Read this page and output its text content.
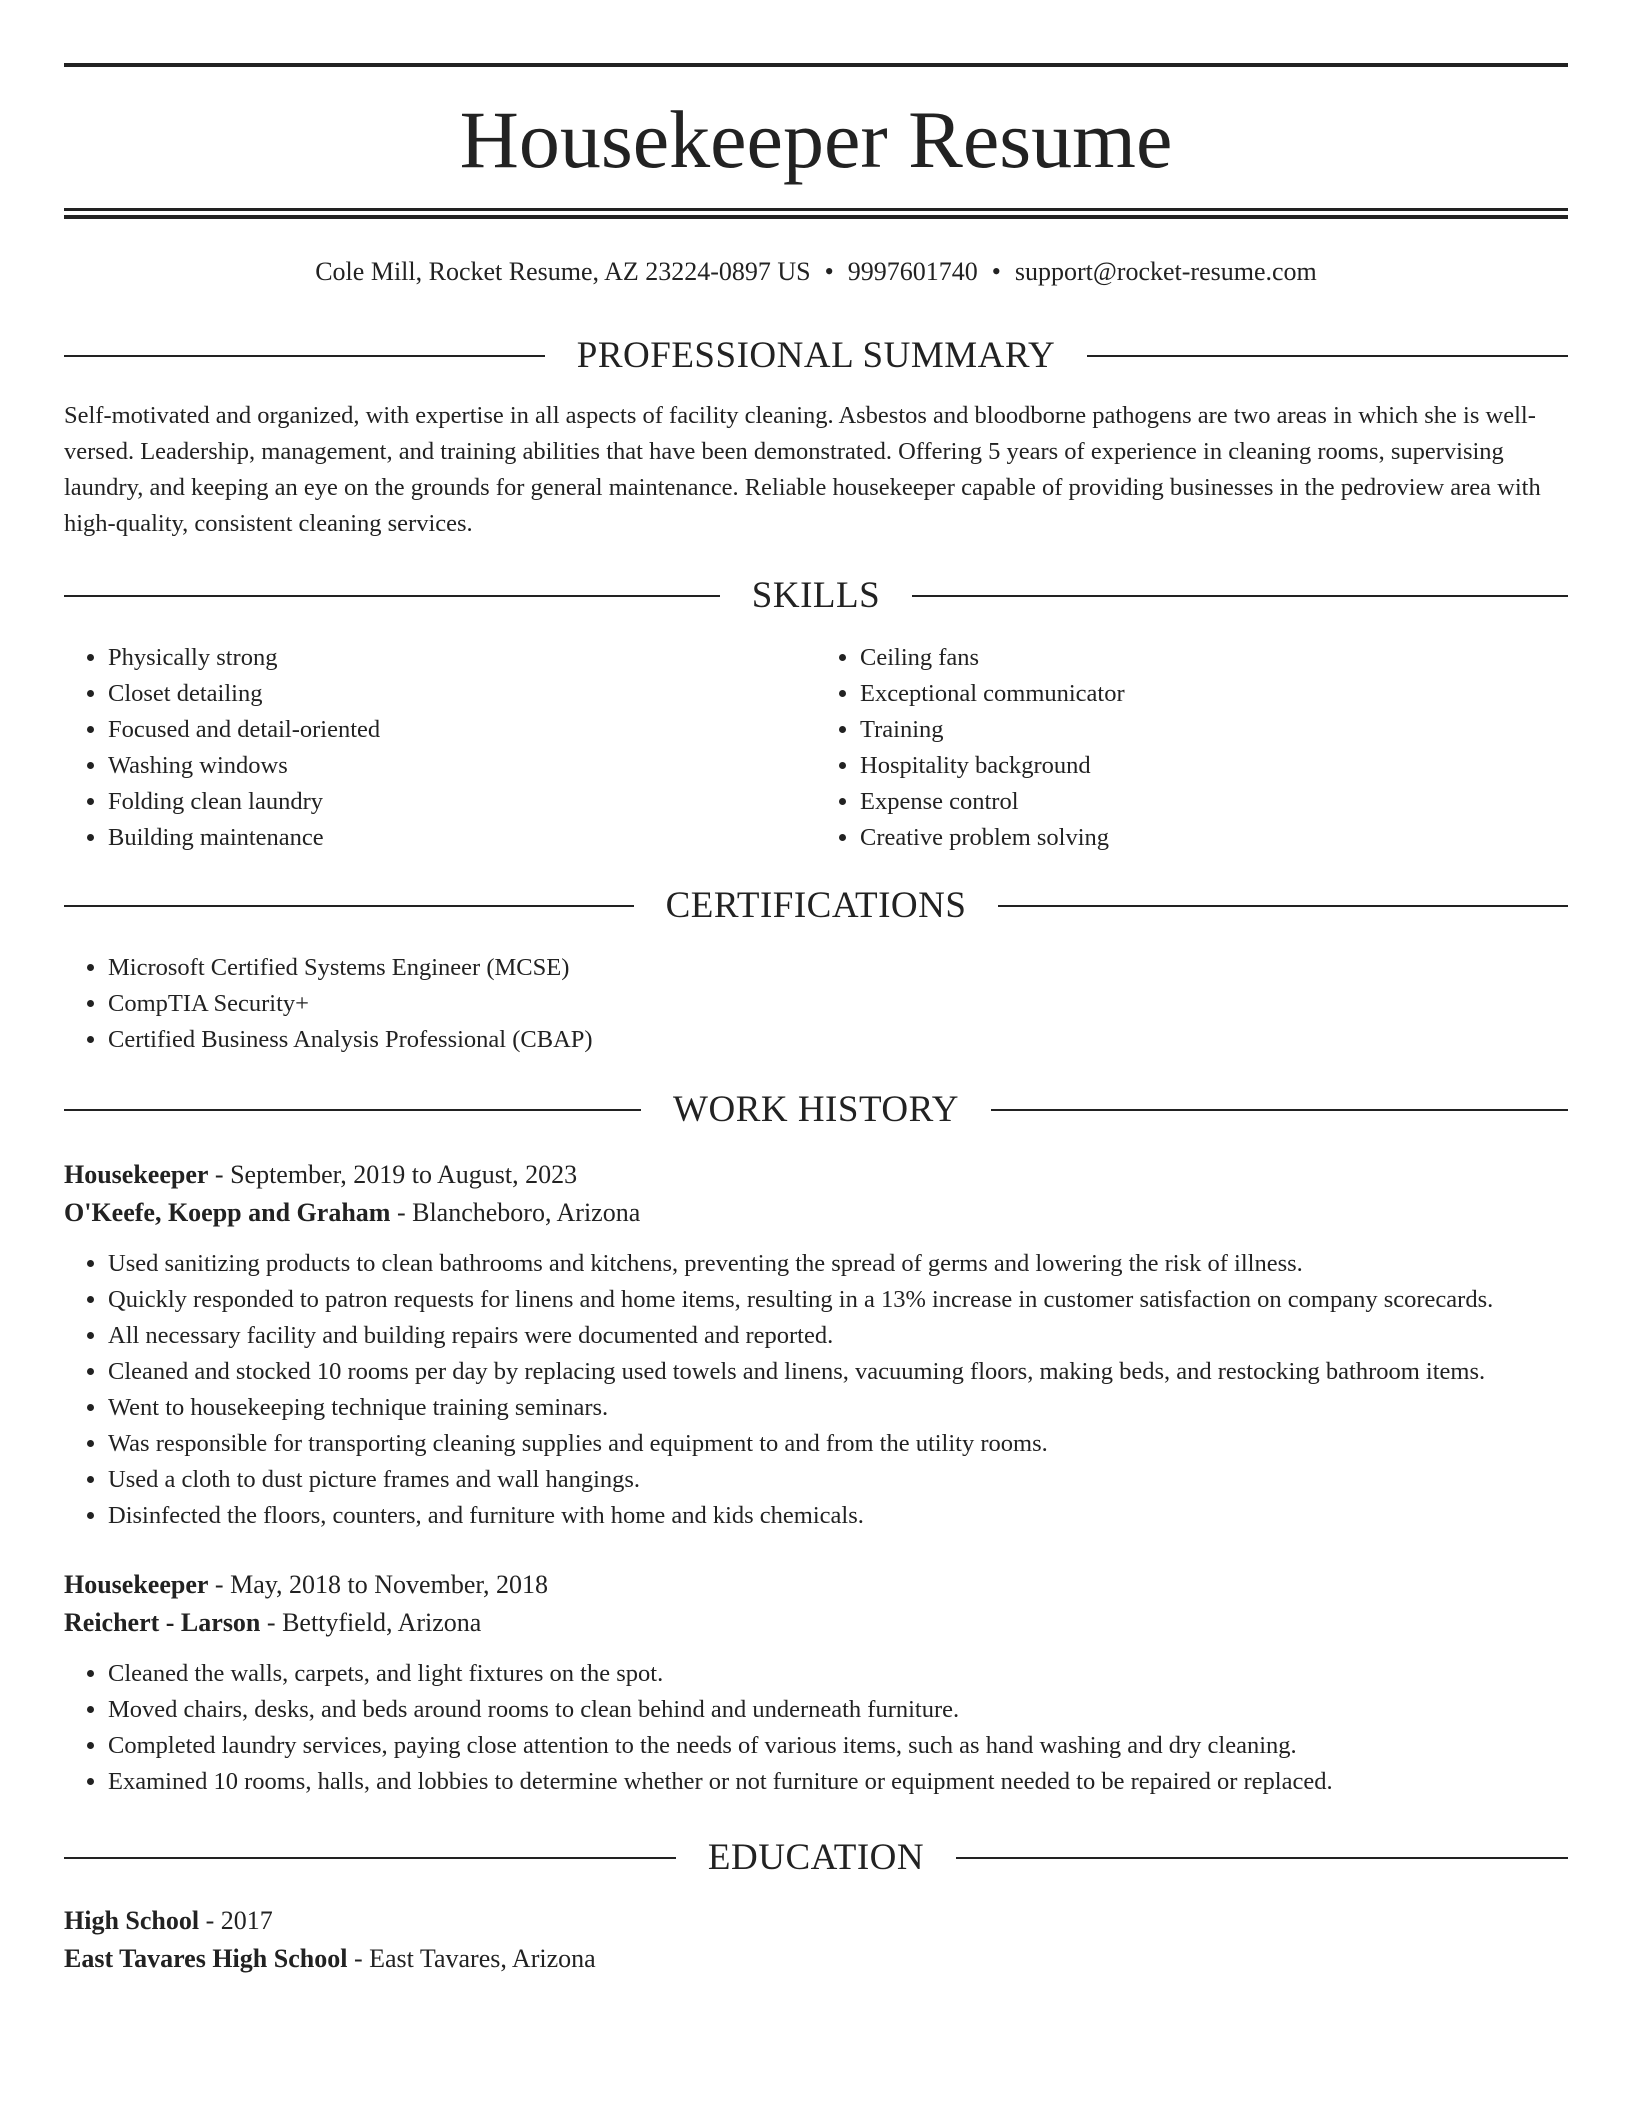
Housekeeper Resume
Cole Mill, Rocket Resume, AZ 23224-0897 US • 9997601740 • support@rocket-resume.com
PROFESSIONAL SUMMARY

Self-motivated and organized, with expertise in all aspects of facility cleaning. Asbestos and bloodborne pathogens are two areas in which she is well-versed. Leadership, management, and training abilities that have been demonstrated. Offering 5 years of experience in cleaning rooms, supervising laundry, and keeping an eye on the grounds for general maintenance. Reliable housekeeper capable of providing businesses in the pedroview area with high-quality, consistent cleaning services.

SKILLS
• Physically strong
• Closet detailing
• Focused and detail-oriented
• Washing windows
• Folding clean laundry
• Building maintenance
• Ceiling fans
• Exceptional communicator
• Training
• Hospitality background
• Expense control
• Creative problem solving
CERTIFICATIONS
• Microsoft Certified Systems Engineer (MCSE)
• CompTIA Security+
• Certified Business Analysis Professional (CBAP)
WORK HISTORY

Housekeeper - September, 2019 to August, 2023

O'Keefe, Koepp and Graham - Blancheboro, Arizona

• Used sanitizing products to clean bathrooms and kitchens, preventing the spread of germs and lowering the risk of illness.
• Quickly responded to patron requests for linens and home items, resulting in a 13% increase in customer satisfaction on company scorecards.
• All necessary facility and building repairs were documented and reported.
• Cleaned and stocked 10 rooms per day by replacing used towels and linens, vacuuming floors, making beds, and restocking bathroom items.
• Went to housekeeping technique training seminars.
• Was responsible for transporting cleaning supplies and equipment to and from the utility rooms.
• Used a cloth to dust picture frames and wall hangings.
• Disinfected the floors, counters, and furniture with home and kids chemicals.

Housekeeper - May, 2018 to November, 2018

Reichert - Larson - Bettyfield, Arizona

• Cleaned the walls, carpets, and light fixtures on the spot.
• Moved chairs, desks, and beds around rooms to clean behind and underneath furniture.
• Completed laundry services, paying close attention to the needs of various items, such as hand washing and dry cleaning.
• Examined 10 rooms, halls, and lobbies to determine whether or not furniture or equipment needed to be repaired or replaced.
EDUCATION

High School - 2017

East Tavares High School - East Tavares, Arizona
